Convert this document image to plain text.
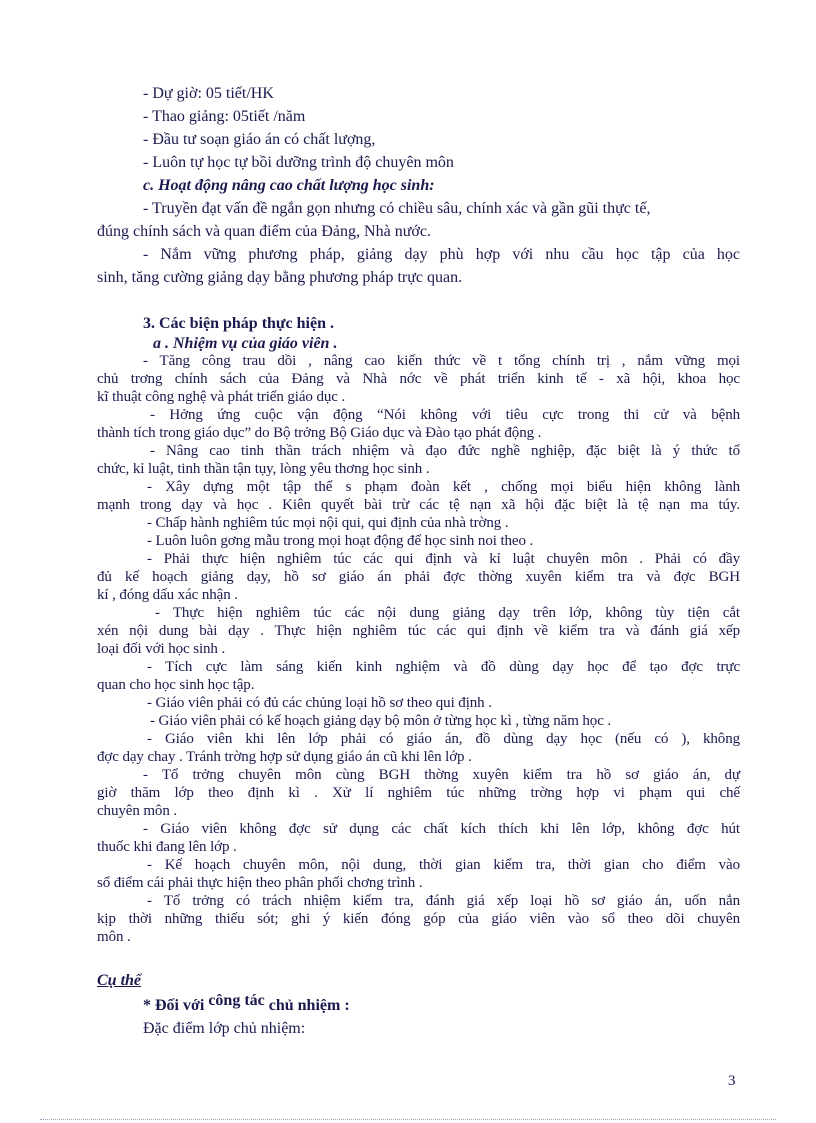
- Dự giờ: 05 tiết/HK
- Thao giảng: 05tiết /năm
- Đầu tư soạn giáo án có chất lượng,
- Luôn tự học tự bồi dưỡng trình độ chuyên môn
c. Hoạt động nâng cao chất lượng học sinh:
- Truyền đạt vấn đề ngắn gọn nhưng có chiều sâu, chính xác và gần gũi thực tế,
đúng chính sách và quan điểm của Đảng, Nhà nước.
- Nắm vững phương pháp, giảng dạy phù hợp với nhu cầu học tập của học
sinh, tăng cường giảng dạy bằng phương pháp trực quan.
3. Các biện pháp thực hiện .
a . Nhiệm vụ của giáo viên .
- Tăng công trau dồi , nâng cao kiến thức về t tổng chính trị , nắm vững mọi
chủ trơng chính sách của Đảng và Nhà nớc về phát triển kinh tế - xã hội, khoa học
kĩ thuật công nghệ và phát triển giáo dục .
- Hởng ứng cuộc vận động “Nói không với tiêu cực trong thi cử và bệnh
thành tích trong giáo dục” do Bộ trởng Bộ Giáo dục và Đào tạo phát động .
- Nâng cao tinh thần trách nhiệm và đạo đức nghề nghiệp, đặc biệt là ý thức tổ
chức, kỉ luật, tinh thần tận tụy, lòng yêu thơng học sinh .
- Xây dựng một tập thể s phạm đoàn kết , chống mọi biểu hiện không lành
mạnh trong dạy và học . Kiên quyết bài trừ các tệ nạn xã hội đặc biệt là tệ nạn ma túy.
- Chấp hành nghiêm túc mọi nội qui, qui định của nhà trờng .
- Luôn luôn gơng mẫu trong mọi hoạt động để học sinh noi theo .
- Phải thực hiện nghiêm túc các qui định và kỉ luật chuyên môn . Phải có đầy
đủ kế hoạch giảng dạy, hồ sơ giáo án phải đợc thờng xuyên kiểm tra và đợc BGH
kí , đóng dấu xác nhận .
- Thực hiện nghiêm túc các nội dung giảng dạy trên lớp, không tùy tiện cắt
xén nội dung bài dạy . Thực hiện nghiêm túc các qui định về kiểm tra và đánh giá xếp
loại đối với học sinh .
- Tích cực làm sáng kiến kinh nghiệm và đồ dùng dạy học để tạo đợc trực
quan cho học sinh học tập.
- Giáo viên phải có đủ các chủng loại hồ sơ theo qui định .
- Giáo viên phải có kế hoạch giảng dạy bộ môn ở từng học kì , từng năm học .
- Giáo viên khi lên lớp phải có giáo án, đồ dùng dạy học (nếu có ), không
đợc dạy chay . Tránh trờng hợp sử dụng giáo án cũ khi lên lớp .
- Tổ trởng chuyên môn cùng BGH thờng xuyên kiểm tra hồ sơ giáo án, dự
giờ thăm lớp theo định kì . Xử lí nghiêm túc những trờng hợp vi phạm qui chế
chuyên môn .
- Giáo viên không đợc sử dụng các chất kích thích khi lên lớp, không đợc hút
thuốc khi đang lên lớp .
- Kế hoạch chuyên môn, nội dung, thời gian kiểm tra, thời gian cho điểm vào
sổ điểm cái phải thực hiện theo phân phối chơng trình .
- Tổ trởng có trách nhiệm kiểm tra, đánh giá xếp loại hồ sơ giáo án, uốn nắn
kịp thời những thiếu sót; ghi ý kiến đóng góp của giáo viên vào sổ theo dõi chuyên
môn .
Cụ thể
* Đối với công tác chủ nhiệm :
Đặc điểm lớp chủ nhiệm:
3
